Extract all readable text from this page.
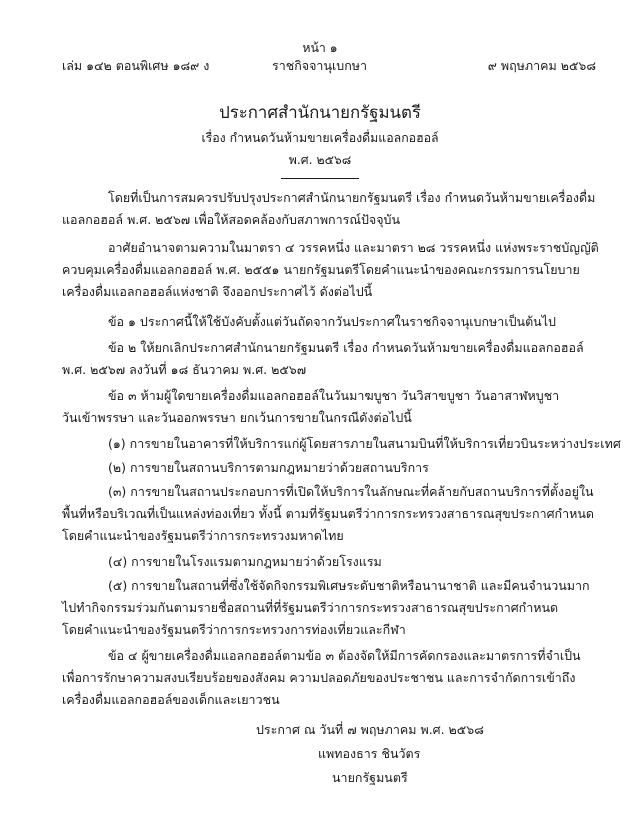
หน้า ๑
เล่ม ๑๔๒ ตอนพิเศษ ๑๘๙ ง	ราชกิจจานุเบกษา	๙ พฤษภาคม ๒๕๖๘
ประกาศสำนักนายกรัฐมนตรี
เรื่อง กำหนดวันห้ามขายเครื่องดื่มแอลกอฮอล์
พ.ศ. ๒๕๖๘
โดยที่เป็นการสมควรปรับปรุงประกาศสำนักนายกรัฐมนตรี เรื่อง กำหนดวันห้ามขายเครื่องดื่ม
แอลกอฮอล์ พ.ศ. ๒๕๖๗ เพื่อให้สอดคล้องกับสภาพการณ์ปัจจุบัน
อาศัยอำนาจตามความในมาตรา ๔ วรรคหนึ่ง และมาตรา ๒๘ วรรคหนึ่ง แห่งพระราชบัญญัติ
ควบคุมเครื่องดื่มแอลกอฮอล์ พ.ศ. ๒๕๕๑ นายกรัฐมนตรีโดยคำแนะนำของคณะกรรมการนโยบาย
เครื่องดื่มแอลกอฮอล์แห่งชาติ จึงออกประกาศไว้ ดังต่อไปนี้
ข้อ ๑ ประกาศนี้ให้ใช้บังคับตั้งแต่วันถัดจากวันประกาศในราชกิจจานุเบกษาเป็นต้นไป
ข้อ ๒ ให้ยกเลิกประกาศสำนักนายกรัฐมนตรี เรื่อง กำหนดวันห้ามขายเครื่องดื่มแอลกอฮอล์
พ.ศ. ๒๕๖๗ ลงวันที่ ๑๘ ธันวาคม พ.ศ. ๒๕๖๗
ข้อ ๓ ห้ามผู้ใดขายเครื่องดื่มแอลกอฮอล์ในวันมาฆบูชา วันวิสาขบูชา วันอาสาฬหบูชา
วันเข้าพรรษา และวันออกพรรษา ยกเว้นการขายในกรณีดังต่อไปนี้
(๑) การขายในอาคารที่ให้บริการแก่ผู้โดยสารภายในสนามบินที่ให้บริการเที่ยวบินระหว่างประเทศ
(๒) การขายในสถานบริการตามกฎหมายว่าด้วยสถานบริการ
(๓) การขายในสถานประกอบการที่เปิดให้บริการในลักษณะที่คล้ายกับสถานบริการที่ตั้งอยู่ใน
พื้นที่หรือบริเวณที่เป็นแหล่งท่องเที่ยว ทั้งนี้ ตามที่รัฐมนตรีว่าการกระทรวงสาธารณสุขประกาศกำหนด
โดยคำแนะนำของรัฐมนตรีว่าการกระทรวงมหาดไทย
(๔) การขายในโรงแรมตามกฎหมายว่าด้วยโรงแรม
(๕) การขายในสถานที่ซึ่งใช้จัดกิจกรรมพิเศษระดับชาติหรือนานาชาติ และมีคนจำนวนมาก
ไปทำกิจกรรมร่วมกันตามรายชื่อสถานที่ที่รัฐมนตรีว่าการกระทรวงสาธารณสุขประกาศกำหนด
โดยคำแนะนำของรัฐมนตรีว่าการกระทรวงการท่องเที่ยวและกีฬา
ข้อ ๔ ผู้ขายเครื่องดื่มแอลกอฮอล์ตามข้อ ๓ ต้องจัดให้มีการคัดกรองและมาตรการที่จำเป็น
เพื่อการรักษาความสงบเรียบร้อยของสังคม ความปลอดภัยของประชาชน และการจำกัดการเข้าถึง
เครื่องดื่มแอลกอฮอล์ของเด็กและเยาวชน
ประกาศ ณ วันที่ ๗ พฤษภาคม พ.ศ. ๒๕๖๘
แพทองธาร ชินวัตร
นายกรัฐมนตรี
